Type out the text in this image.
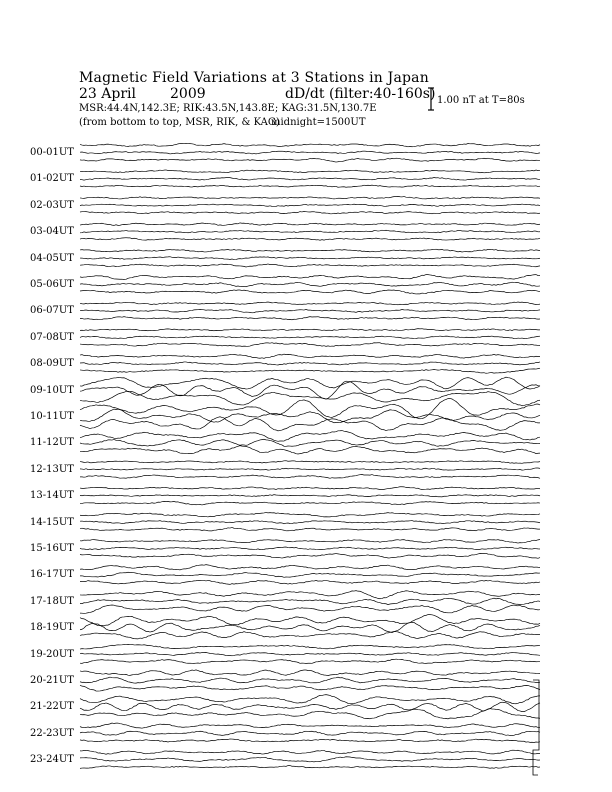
Magnetic Field Variations at 3 Stations in Japan
23 April 2009	dD/dt (filter:40-160s)
MSR:44.4N,142.3E; RIK:43.5N,143.8E; KAG:31.5N,130.7E
(from bottom to top, MSR, RIK, & KAG)
midnight=1500UT
1.00 nT at T=80s
00-01UT
01-02UT
02-03UT
03-04UT
04-05UT
05-06UT
06-07UT
07-08UT
08-09UT
09-10UT
10-11UT
11-12UT
12-13UT
13-14UT
14-15UT
15-16UT
16-17UT
17-18UT
18-19UT
19-20UT
20-21UT
21-22UT
22-23UT
23-24UT
